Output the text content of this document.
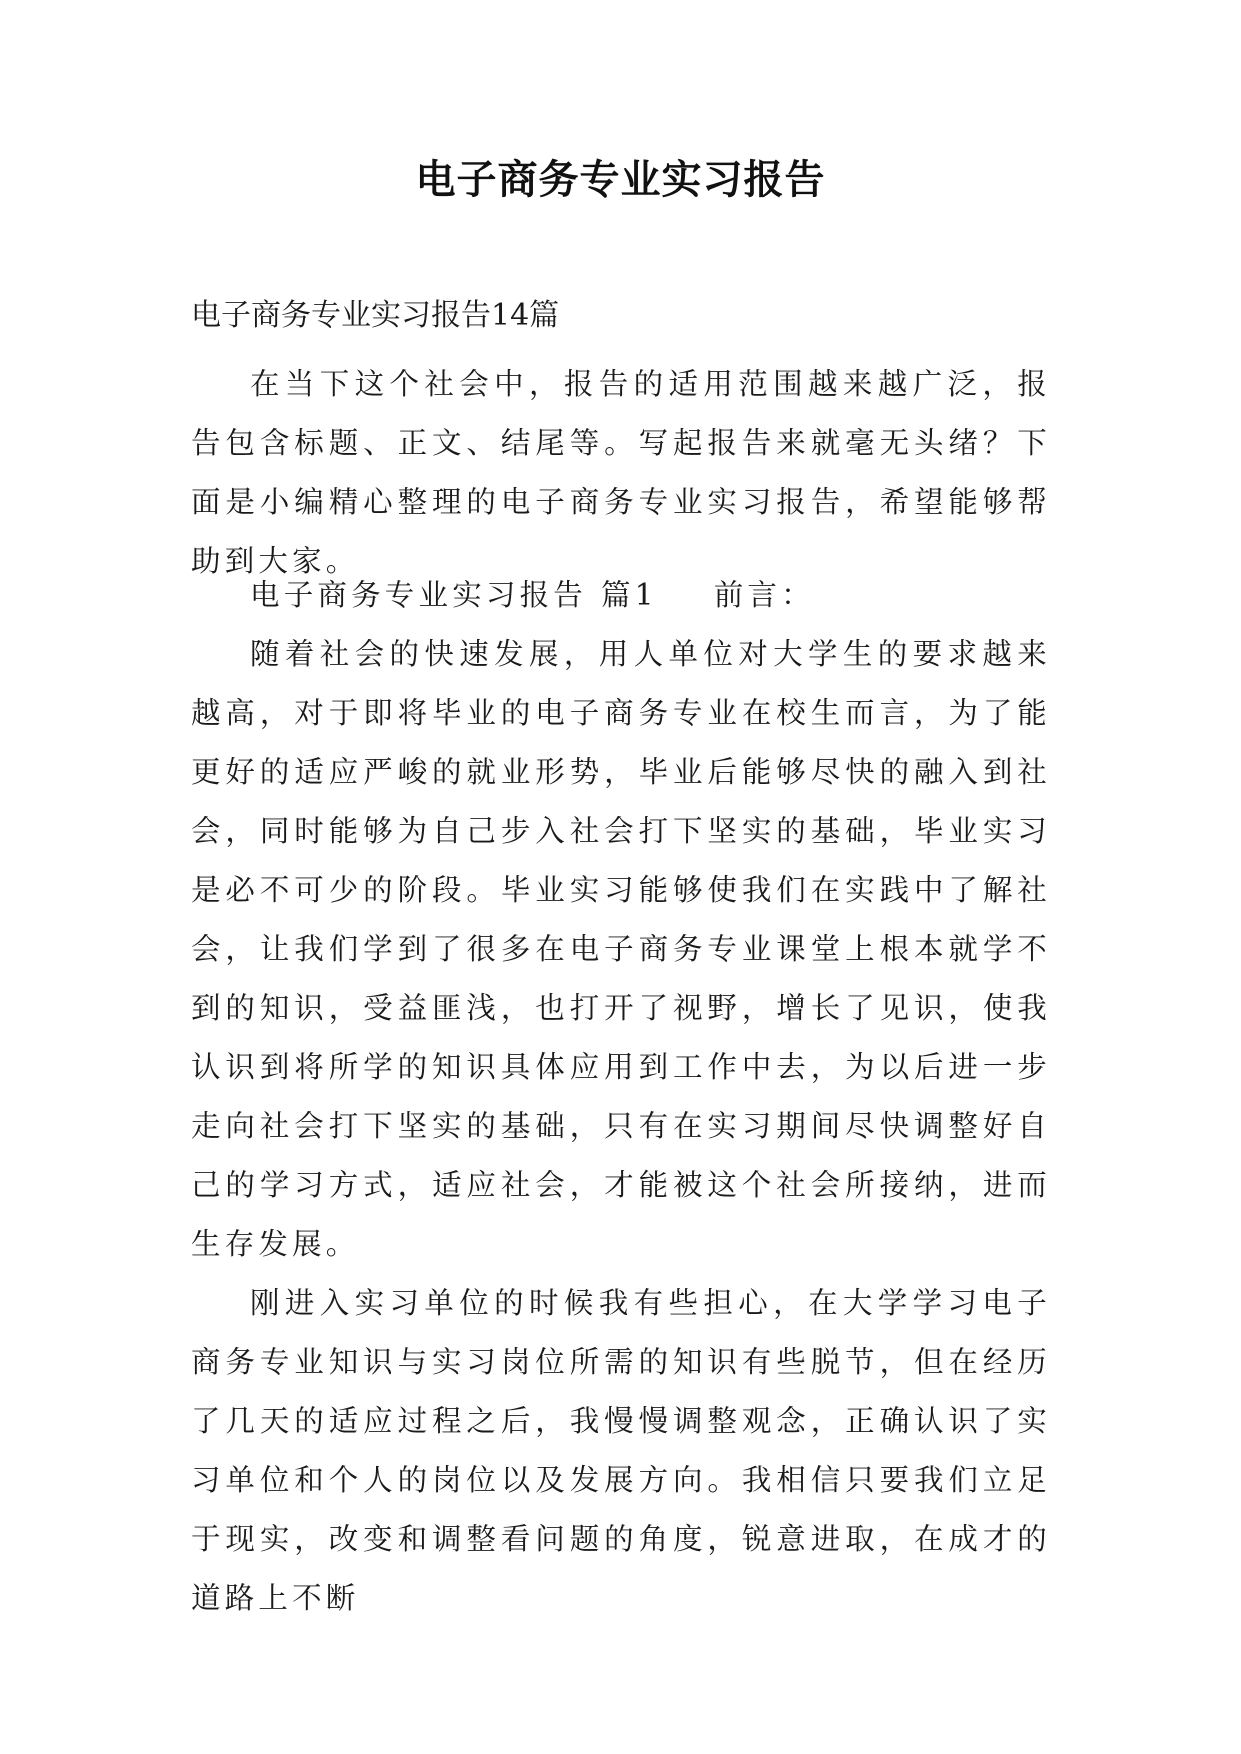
电子商务专业实习报告
电子商务专业实习报告14篇

在当下这个社会中，报告的适用范围越来越广泛，报告包含标题、正文、结尾等。写起报告来就毫无头绪？下面是小编精心整理的电子商务专业实习报告，希望能够帮助到大家。

电子商务专业实习报告 篇1 前言：

随着社会的快速发展，用人单位对大学生的要求越来越高，对于即将毕业的电子商务专业在校生而言，为了能更好的适应严峻的就业形势，毕业后能够尽快的融入到社会，同时能够为自己步入社会打下坚实的基础，毕业实习是必不可少的阶段。毕业实习能够使我们在实践中了解社会，让我们学到了很多在电子商务专业课堂上根本就学不到的知识，受益匪浅，也打开了视野，增长了见识，使我认识到将所学的知识具体应用到工作中去，为以后进一步走向社会打下坚实的基础，只有在实习期间尽快调整好自己的学习方式，适应社会，才能被这个社会所接纳，进而生存发展。

刚进入实习单位的时候我有些担心，在大学学习电子商务专业知识与实习岗位所需的知识有些脱节，但在经历了几天的适应过程之后，我慢慢调整观念，正确认识了实习单位和个人的岗位以及发展方向。我相信只要我们立足于现实，改变和调整看问题的角度，锐意进取，在成才的道路上不断
